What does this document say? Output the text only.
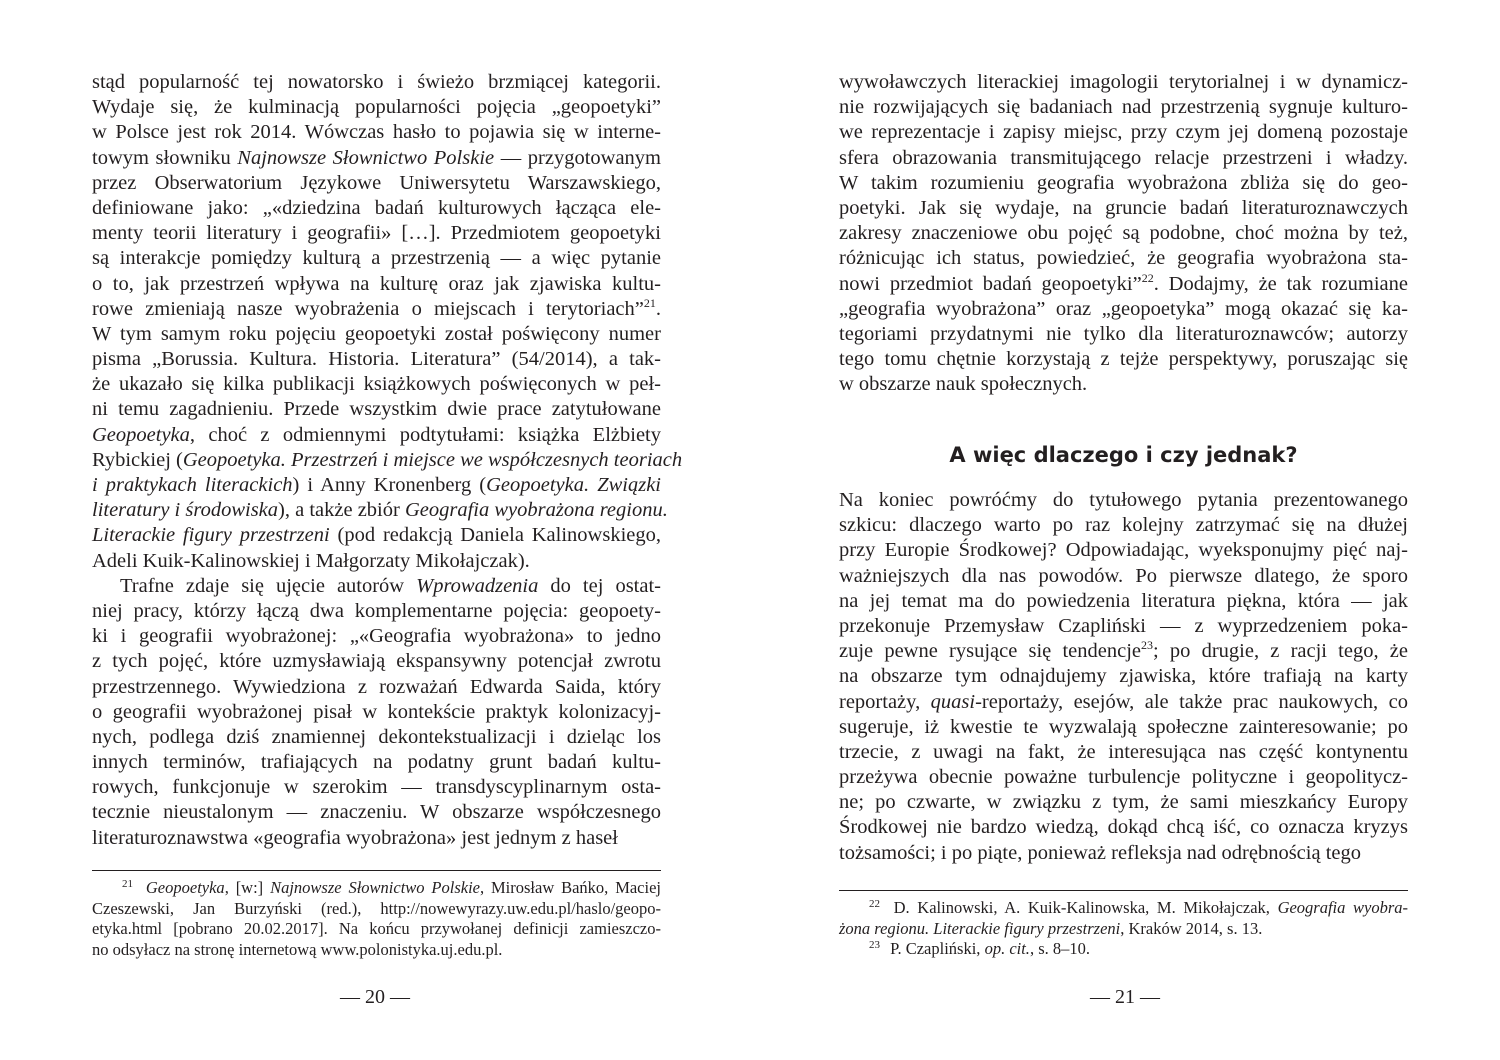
stąd popularność tej nowatorsko i świeżo brzmiącej kategorii.
Wydaje się, że kulminacją popularności pojęcia „geopoetyki”
w Polsce jest rok 2014. Wówczas hasło to pojawia się w interne-
towym słowniku Najnowsze Słownictwo Polskie — przygotowanym
przez Obserwatorium Językowe Uniwersytetu Warszawskiego,
definiowane jako: „«dziedzina badań kulturowych łącząca ele-
menty teorii literatury i geografii» […]. Przedmiotem geopoetyki
są interakcje pomiędzy kulturą a przestrzenią — a więc pytanie
o to, jak przestrzeń wpływa na kulturę oraz jak zjawiska kultu-
rowe zmieniają nasze wyobrażenia o miejscach i terytoriach”$^{21}$.
W tym samym roku pojęciu geopoetyki został poświęcony numer
pisma „Borussia. Kultura. Historia. Literatura” (54/2014), a tak-
że ukazało się kilka publikacji książkowych poświęconych w peł-
ni temu zagadnieniu. Przede wszystkim dwie prace zatytułowane
Geopoetyka, choć z odmiennymi podtytułami: książka Elżbiety
Rybickiej (Geopoetyka. Przestrzeń i miejsce we współczesnych teoriach
i praktykach literackich) i Anny Kronenberg (Geopoetyka. Związki
literatury i środowiska), a także zbiór Geografia wyobrażona regionu.
Literackie figury przestrzeni (pod redakcją Daniela Kalinowskiego,
Adeli Kuik-Kalinowskiej i Małgorzaty Mikołajczak).
Trafne zdaje się ujęcie autorów Wprowadzenia do tej ostat-
niej pracy, którzy łączą dwa komplementarne pojęcia: geopoety-
ki i geografii wyobrażonej: „«Geografia wyobrażona» to jedno
z tych pojęć, które uzmysławiają ekspansywny potencjał zwrotu
przestrzennego. Wywiedziona z rozważań Edwarda Saida, który
o geografii wyobrażonej pisał w kontekście praktyk kolonizacyj-
nych, podlega dziś znamiennej dekontekstualizacji i dzieląc los
innych terminów, trafiających na podatny grunt badań kultu-
rowych, funkcjonuje w szerokim — transdyscyplinarnym osta-
tecznie nieustalonym — znaczeniu. W obszarze współczesnego
literaturoznawstwa «geografia wyobrażona» jest jednym z haseł
$^{21}$ Geopoetyka, [w:] Najnowsze Słownictwo Polskie, Mirosław Bańko, Maciej
Czeszewski, Jan Burzyński (red.), http://nowewyrazy.uw.edu.pl/haslo/geopo-
etyka.html [pobrano 20.02.2017]. Na końcu przywołanej definicji zamieszczo-
no odsyłacz na stronę internetową www.polonistyka.uj.edu.pl.
— 20 —
wywoławczych literackiej imagologii terytorialnej i w dynamicz-
nie rozwijających się badaniach nad przestrzenią sygnuje kulturo-
we reprezentacje i zapisy miejsc, przy czym jej domeną pozostaje
sfera obrazowania transmitującego relacje przestrzeni i władzy.
W takim rozumieniu geografia wyobrażona zbliża się do geo-
poetyki. Jak się wydaje, na gruncie badań literaturoznawczych
zakresy znaczeniowe obu pojęć są podobne, choć można by też,
różnicując ich status, powiedzieć, że geografia wyobrażona sta-
nowi przedmiot badań geopoetyki”$^{22}$. Dodajmy, że tak rozumiane
„geografia wyobrażona” oraz „geopoetyka” mogą okazać się ka-
tegoriami przydatnymi nie tylko dla literaturoznawców; autorzy
tego tomu chętnie korzystają z tejże perspektywy, poruszając się
w obszarze nauk społecznych.
A więc dlaczego i czy jednak?
Na koniec powróćmy do tytułowego pytania prezentowanego
szkicu: dlaczego warto po raz kolejny zatrzymać się na dłużej
przy Europie Środkowej? Odpowiadając, wyeksponujmy pięć naj-
ważniejszych dla nas powodów. Po pierwsze dlatego, że sporo
na jej temat ma do powiedzenia literatura piękna, która — jak
przekonuje Przemysław Czapliński — z wyprzedzeniem poka-
zuje pewne rysujące się tendencje$^{23}$; po drugie, z racji tego, że
na obszarze tym odnajdujemy zjawiska, które trafiają na karty
reportaży, quasi-reportaży, esejów, ale także prac naukowych, co
sugeruje, iż kwestie te wyzwalają społeczne zainteresowanie; po
trzecie, z uwagi na fakt, że interesująca nas część kontynentu
przeżywa obecnie poważne turbulencje polityczne i geopolitycz-
ne; po czwarte, w związku z tym, że sami mieszkańcy Europy
Środkowej nie bardzo wiedzą, dokąd chcą iść, co oznacza kryzys
tożsamości; i po piąte, ponieważ refleksja nad odrębnością tego
$^{22}$ D. Kalinowski, A. Kuik-Kalinowska, M. Mikołajczak, Geografia wyobra-
żona regionu. Literackie figury przestrzeni, Kraków 2014, s. 13.
$^{23}$ P. Czapliński, op. cit., s. 8–10.
— 21 —
